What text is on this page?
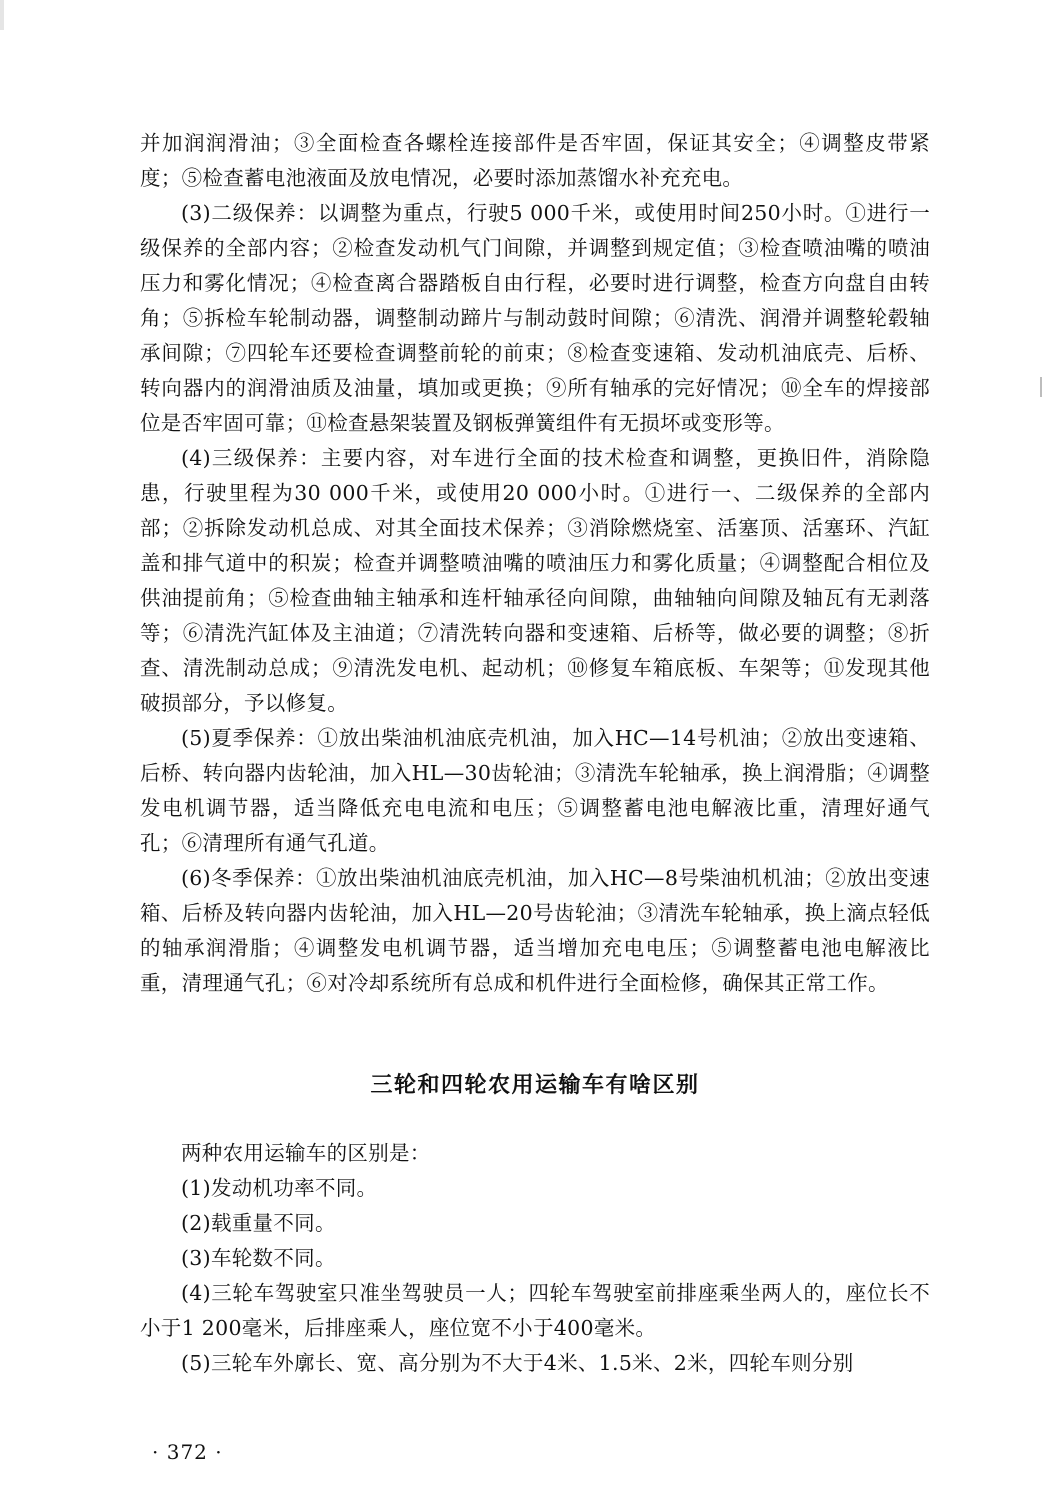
并加润润滑油；③全面检查各螺栓连接部件是否牢固，保证其安全；④调整皮带紧度；⑤检查蓄电池液面及放电情况，必要时添加蒸馏水补充充电。

(3)二级保养：以调整为重点，行驶5 000千米，或使用时间250小时。①进行一级保养的全部内容；②检查发动机气门间隙，并调整到规定值；③检查喷油嘴的喷油压力和雾化情况；④检查离合器踏板自由行程，必要时进行调整，检查方向盘自由转角；⑤拆检车轮制动器，调整制动蹄片与制动鼓时间隙；⑥清洗、润滑并调整轮毂轴承间隙；⑦四轮车还要检查调整前轮的前束；⑧检查变速箱、发动机油底壳、后桥、转向器内的润滑油质及油量，填加或更换；⑨所有轴承的完好情况；⑩全车的焊接部位是否牢固可靠；⑪检查悬架装置及钢板弹簧组件有无损坏或变形等。

(4)三级保养：主要内容，对车进行全面的技术检查和调整，更换旧件，消除隐患，行驶里程为30 000千米，或使用20 000小时。①进行一、二级保养的全部内部；②拆除发动机总成、对其全面技术保养；③消除燃烧室、活塞顶、活塞环、汽缸盖和排气道中的积炭；检查并调整喷油嘴的喷油压力和雾化质量；④调整配合相位及供油提前角；⑤检查曲轴主轴承和连杆轴承径向间隙，曲轴轴向间隙及轴瓦有无剥落等；⑥清洗汽缸体及主油道；⑦清洗转向器和变速箱、后桥等，做必要的调整；⑧折查、清洗制动总成；⑨清洗发电机、起动机；⑩修复车箱底板、车架等；⑪发现其他破损部分，予以修复。

(5)夏季保养：①放出柴油机油底壳机油，加入HC—14号机油；②放出变速箱、后桥、转向器内齿轮油，加入HL—30齿轮油；③清洗车轮轴承，换上润滑脂；④调整发电机调节器，适当降低充电电流和电压；⑤调整蓄电池电解液比重，清理好通气孔；⑥清理所有通气孔道。

(6)冬季保养：①放出柴油机油底壳机油，加入HC—8号柴油机机油；②放出变速箱、后桥及转向器内齿轮油，加入HL—20号齿轮油；③清洗车轮轴承，换上滴点轻低的轴承润滑脂；④调整发电机调节器，适当增加充电电压；⑤调整蓄电池电解液比重，清理通气孔；⑥对冷却系统所有总成和机件进行全面检修，确保其正常工作。

三轮和四轮农用运输车有啥区别

两种农用运输车的区别是：

(1)发动机功率不同。

(2)载重量不同。

(3)车轮数不同。

(4)三轮车驾驶室只准坐驾驶员一人；四轮车驾驶室前排座乘坐两人的，座位长不小于1 200毫米，后排座乘人，座位宽不小于400毫米。

(5)三轮车外廓长、宽、高分别为不大于4米、1.5米、2米，四轮车则分别

· 372 ·
